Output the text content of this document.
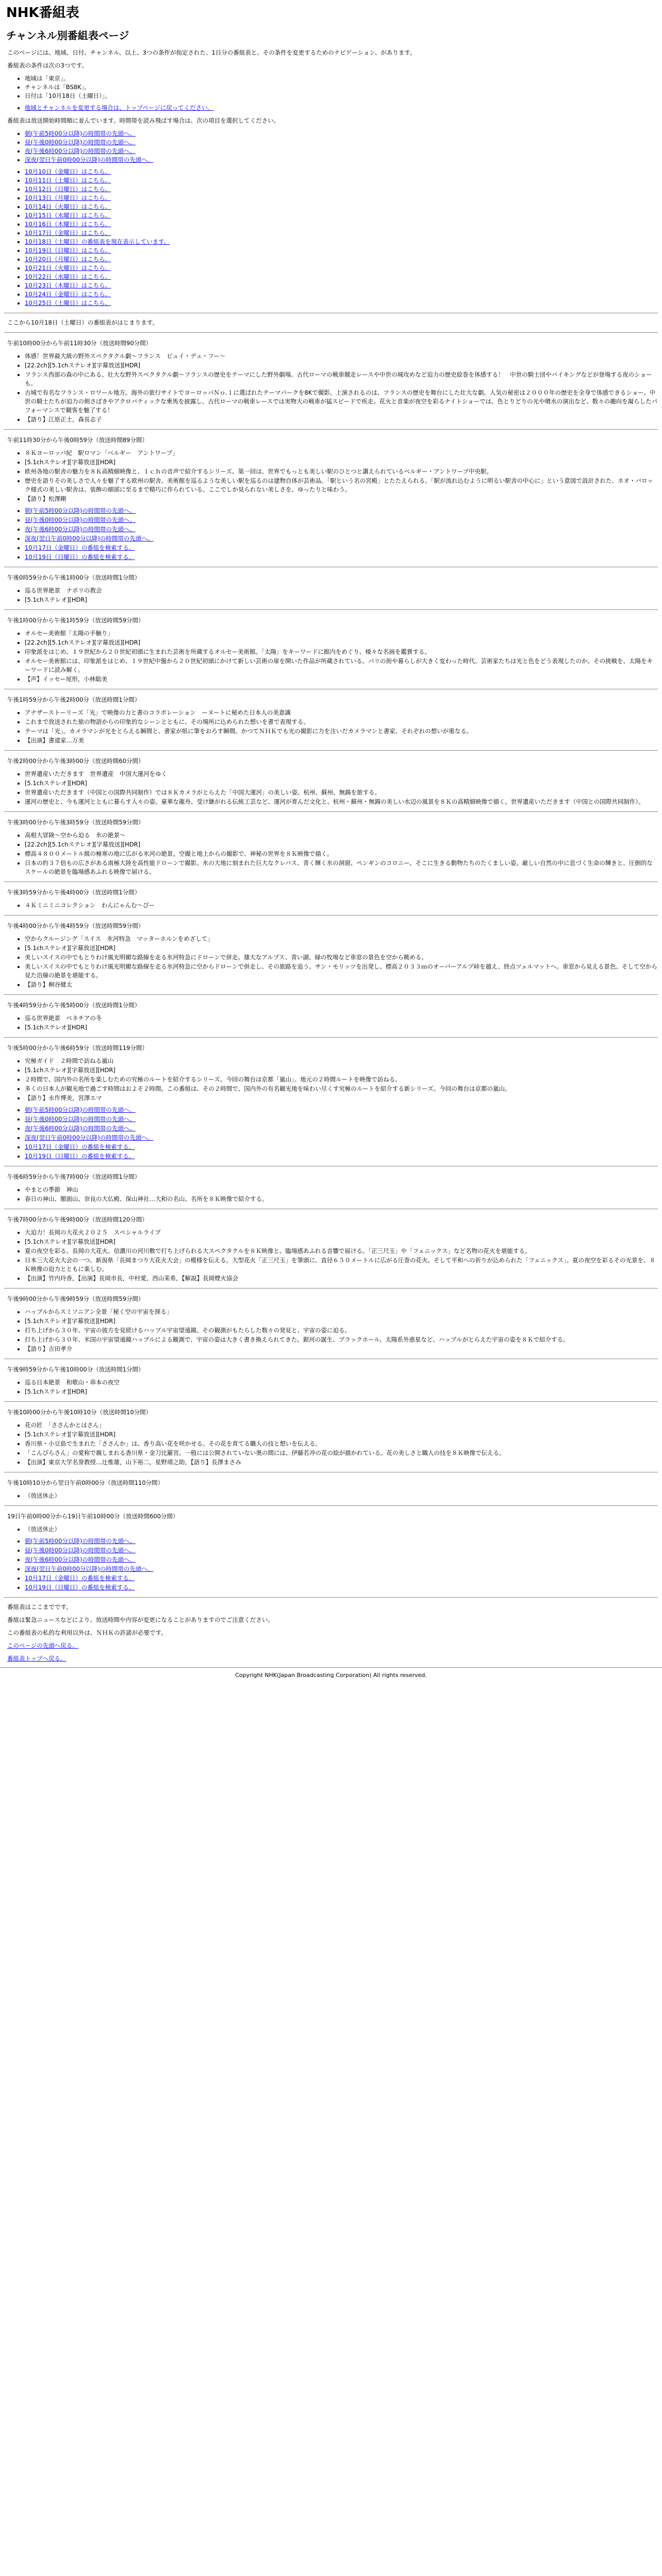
NHK番組表
チャンネル別番組表ページ

このページには、地域、日付、チャンネル、以上、3つの条件が指定された、1日分の番組表と、その条件を変更するためのナビゲーション、があります。

番組表の条件は次の3つです。

• 地域は「東京」。
• チャンネルは「BS8K」。
• 日付は「10月18日（土曜日）」。
• 地域とチャンネルを変更する場合は、トップページに戻ってください。

番組表は放送開始時間順に並んでいます。時間帯を読み飛ばす場合は、次の項目を選択してください。

• 朝(午前5時00分以降)の時間帯の先頭へ。
• 昼(午後0時00分以降)の時間帯の先頭へ。
• 夜(午後6時00分以降)の時間帯の先頭へ。
• 深夜(翌日午前0時00分以降)の時間帯の先頭へ。
• 10月10日（金曜日）はこちら。
• 10月11日（土曜日）はこちら。
• 10月12日（日曜日）はこちら。
• 10月13日（月曜日）はこちら。
• 10月14日（火曜日）はこちら。
• 10月15日（水曜日）はこちら。
• 10月16日（木曜日）はこちら。
• 10月17日（金曜日）はこちら。
• 10月18日（土曜日）の番組表を現在表示しています。
• 10月19日（日曜日）はこちら。
• 10月20日（月曜日）はこちら。
• 10月21日（火曜日）はこちら。
• 10月22日（水曜日）はこちら。
• 10月23日（木曜日）はこちら。
• 10月24日（金曜日）はこちら。
• 10月25日（土曜日）はこちら。

ここから10月18日（土曜日）の番組表がはじまります。

午前10時00分から午前11時30分（放送時間90分間）

• 体感！世界最大級の野外スペクタクル劇〜フランス　ピュイ・デュ・フー〜
• [22.2ch][5.1chステレオ][字幕放送][HDR]
• フランス西部の森の中にある、壮大な野外スペクタクル劇〜フランスの歴史をテーマにした野外劇場。古代ローマの戦車競走レースや中世の城攻めなど迫力の歴史絵巻を体感する！　中世の騎士団やバイキングなどが登場する夜のショーも。
• 古城で有名なフランス・ロワール地方。海外の旅行サイトでヨーロッパＮｏ.１に選ばれたテーマパークを8Kで撮影。上演されるのは、フランスの歴史を舞台にした壮大な劇。人気の秘密は２０００年の歴史を全身で体感できるショー。中世の騎士たちが迫力の剣さばきやアクロバティックな乗馬を披露し、古代ローマの戦車レースでは実物大の戦車が猛スピードで疾走。花火と音楽が夜空を彩るナイトショーでは、色とりどりの光や噴水の演出など、数々の趣向を凝らしたパフォーマンスで観客を魅了する！
• 【語り】江原正士，森長志子

午前11時30分から午後0時59分（放送時間89分間）

• ８Ｋヨーロッパ紀　駅ロマン「ベルギー　アントワープ」
• [5.1chステレオ][字幕放送][HDR]
• 欧州各地の駅舎の魅力を８Ｋ高精細映像と、１ｃｈの音声で紹介するシリーズ。第一回は、世界でもっとも美しい駅のひとつと讃えられているベルギー・アントワープ中央駅。
• 歴史を語りその美しさで人々を魅了する欧州の駅舎。美術館を巡るような美しい駅を巡るのは建物自体が芸術品。「駅という名の宮殿」とたたえられる。「駅が流れ込むように明るい駅舎の中心に」という意図で設計された、ネオ・バロック様式の美しい駅舎は、装飾の細部に至るまで精巧に作られている。ここでしか見られない美しさを、ゆったりと味わう。
• 【語り】松澤剛
• 朝(午前5時00分以降)の時間帯の先頭へ。
• 昼(午後0時00分以降)の時間帯の先頭へ。
• 夜(午後6時00分以降)の時間帯の先頭へ。
• 深夜(翌日午前0時00分以降)の時間帯の先頭へ。
• 10月17日（金曜日）の番組を検索する。
• 10月19日（日曜日）の番組を検索する。

午後0時59分から午後1時00分（放送時間1分間）

• 巡る世界絶景　ナポリの教会
• [5.1chステレオ][HDR]

午後1時00分から午後1時59分（放送時間59分間）

• オルセー美術館「太陽の手触り」
• [22.2ch][5.1chステレオ][字幕放送][HDR]
• 印象派をはじめ、１９世紀から２０世紀初頭に生まれた芸術を所蔵するオルセー美術館。「太陽」をキーワードに館内をめぐり、様々な名画を鑑賞する。
• オルセー美術館には、印象派をはじめ、１９世紀中盤から２０世紀初頭にかけて新しい芸術の扉を開いた作品が所蔵されている。パリの街や暮らしが大きく変わった時代、芸術家たちは光と色をどう表現したのか。その挑戦を、太陽をキーワードに読み解く。
• 【声】イッセー尾形，小林聡美

午後1時59分から午後2時00分（放送時間1分間）

• アナザーストーリーズ「光」で映像の力と書のコラボレーション　ーヌートに秘めた日本人の美意識
• これまで放送された旅の物語からの印象的なシーンとともに、その場所に込められた想いを書で表現する。
• テーマは「光」。カメラマンが光をとらえる瞬間と、書家が紙に筆をおろす瞬間。かつてＮＨＫでも光の撮影に力を注いだカメラマンと書家、それぞれの想いが重なる。
• 【出演】書道家…万美

午後2時00分から午後3時00分（放送時間60分間）

• 世界遺産いただきます　世界遺産　中国大運河をゆく
• [5.1chステレオ][HDR]
• 世界遺産いただきます（中国との国際共同制作）では８Ｋカメラがとらえた「中国大運河」の美しい姿。杭州、蘇州、無錫を旅する。
• 運河の歴史と、今も運河とともに暮らす人々の姿。豪華な龍舟、受け継がれる伝統工芸など、運河が育んだ文化と、杭州・蘇州・無錫の美しい水辺の風景を８Ｋの高精細映像で描く。世界遺産いただきます（中国との国際共同制作）。

午後3時00分から午後3時59分（放送時間59分間）

• 高根大冒険〜空から迫る　氷の絶景〜
• [22.2ch][5.1chステレオ][字幕放送][HDR]
• 標高４８００メートル級の極寒の地に広がる氷河の絶景。空撮と地上からの撮影で、神秘の世界を８Ｋ映像で描く。
• 日本の約３７倍もの広さがある南極大陸を高性能ドローンで撮影。氷の大地に刻まれた巨大なクレバス、青く輝く氷の洞窟、ペンギンのコロニー、そこに生きる動物たちのたくましい姿。厳しい自然の中に息づく生命の輝きと、圧倒的なスケールの絶景を臨場感あふれる映像で届ける。

午後3時59分から午後4時00分（放送時間1分間）

• ４Ｋミニミニコレクション　わんにゃんむ〜びー

午後4時00分から午後4時59分（放送時間59分間）

• 空からクルージング「スイス　氷河特急　マッターホルンをめざして」
• [5.1chステレオ][字幕放送][HDR]
• 美しいスイスの中でもとりわけ風光明媚な路線を走る氷河特急にドローンで併走。雄大なアルプス、青い湖、緑の牧場など車窓の景色を空から眺める。
• 美しいスイスの中でもとりわけ風光明媚な路線を走る氷河特急に空からドローンで併走し、その旅路を追う。サン・モリッツを出発し、標高２０３３ｍのオーバーアルプ峠を越え、終点ツェルマットへ。車窓から見える景色、そして空から見た沿線の絶景を堪能する。
• 【語り】桐谷健太

午後4時59分から午後5時00分（放送時間1分間）

• 巡る世界絶景　ベネチアの冬
• [5.1chステレオ][HDR]

午後5時00分から午後6時59分（放送時間119分間）

• 究極ガイド　２時間で訪ねる嵐山
• [5.1chステレオ][字幕放送][HDR]
• ２時間で、国内外の名所を楽しむための究極のルートを紹介するシリーズ。今回の舞台は京都「嵐山」。地元の２時間ルートを映像で訪ねる。
• 多くの日本人が観光地で過ごす時間はおよそ２時間。この番組は、その２時間で、国内外の有名観光地を味わい尽くす究極のルートを紹介する新シリーズ。今回の舞台は京都の嵐山。
• 【語り】永作博美，宮澤エマ
• 朝(午前5時00分以降)の時間帯の先頭へ。
• 昼(午後0時00分以降)の時間帯の先頭へ。
• 夜(午後6時00分以降)の時間帯の先頭へ。
• 深夜(翌日午前0時00分以降)の時間帯の先頭へ。
• 10月17日（金曜日）の番組を検索する。
• 10月19日（日曜日）の番組を検索する。

午後6時59分から午後7時00分（放送時間1分間）

• やまとの季節　神山
• 春日の神山、額面山、奈良の大仏殿、保山神社…大和の名山、名所を８Ｋ映像で紹介する。

午後7時00分から午後9時00分（放送時間120分間）

• 大迫力！長岡の大花火２０２５　スペシャルライブ
• [5.1chステレオ][字幕放送][HDR]
• 夏の夜空を彩る、長岡の大花火。信濃川の河川敷で打ち上げられる大スペクタクルを８Ｋ映像と、臨場感あふれる音響で届ける。「正三尺玉」や「フェニックス」など名物の花火を堪能する。
• 日本三大花火大会の一つ、新潟県「長岡まつり大花火大会」の模様を伝える。大型花火「正三尺玉」を筆頭に、直径６５０メートルに広がる圧巻の花火。そして平和への祈りが込められた「フェニックス」。夏の夜空を彩るその光景を、８Ｋ映像の迫力とともに楽しむ。
• 【出演】竹内玲香，【出演】長岡市長，中村愛，西山茉希，【解説】長岡煙火協会

午後9時00分から午後9時59分（放送時間59分間）

• ハッブルからスミソニアン全景「秘く空の宇宙を探る」
• [5.1chステレオ][字幕放送][HDR]
• 打ち上げから３０年、宇宙の彼方を見続けるハッブル宇宙望遠鏡。その観測がもたらした数々の発見と、宇宙の姿に迫る。
• 打ち上げから３０年、米国の宇宙望遠鏡ハッブルによる観測で、宇宙の姿は大きく書き換えられてきた。銀河の誕生、ブラックホール、太陽系外惑星など、ハッブルがとらえた宇宙の姿を８Ｋで紹介する。
• 【語り】吉田孝介

午後9時59分から午後10時00分（放送時間1分間）

• 巡る日本絶景　和歌山・串本の夜空
• [5.1chステレオ][HDR]

午後10時00分から午後10時10分（放送時間10分間）

• 花の匠　「ささんかとはさん」
• [5.1chステレオ][字幕放送][HDR]
• 香川県・小豆島で生まれた「ささんか」は、香り高い花を咲かせる。その花を育てる職人の技と想いを伝える。
• 「こんぴらさん」の愛称で親しまれる香川県・金刀比羅宮。一般には公開されていない奥の間には、伊藤若冲の花の絵が描かれている。花の美しさと職人の技を８Ｋ映像で伝える。
• 【出演】東京大学名誉教授…辻惟雄，山下裕二，星野靖之助，【語り】長澤まさみ

午後10時10分から翌日午前0時00分（放送時間110分間）

• （放送休止）

19日午前0時00分から19日午前10時00分（放送時間600分間）

• （放送休止）
• 朝(午前5時00分以降)の時間帯の先頭へ。
• 昼(午後0時00分以降)の時間帯の先頭へ。
• 夜(午後6時00分以降)の時間帯の先頭へ。
• 深夜(翌日午前0時00分以降)の時間帯の先頭へ。
• 10月17日（金曜日）の番組を検索する。
• 10月19日（日曜日）の番組を検索する。

番組表はここまでです。

番組は緊急ニュースなどにより、放送時間や内容が変更になることがありますのでご注意ください。

この番組表の私的な利用以外は、ＮＨＫの許諾が必要です。

このページの先頭へ戻る。

番組表トップへ戻る。

Copyright NHK(Japan Broadcasting Corporation) All rights reserved.
